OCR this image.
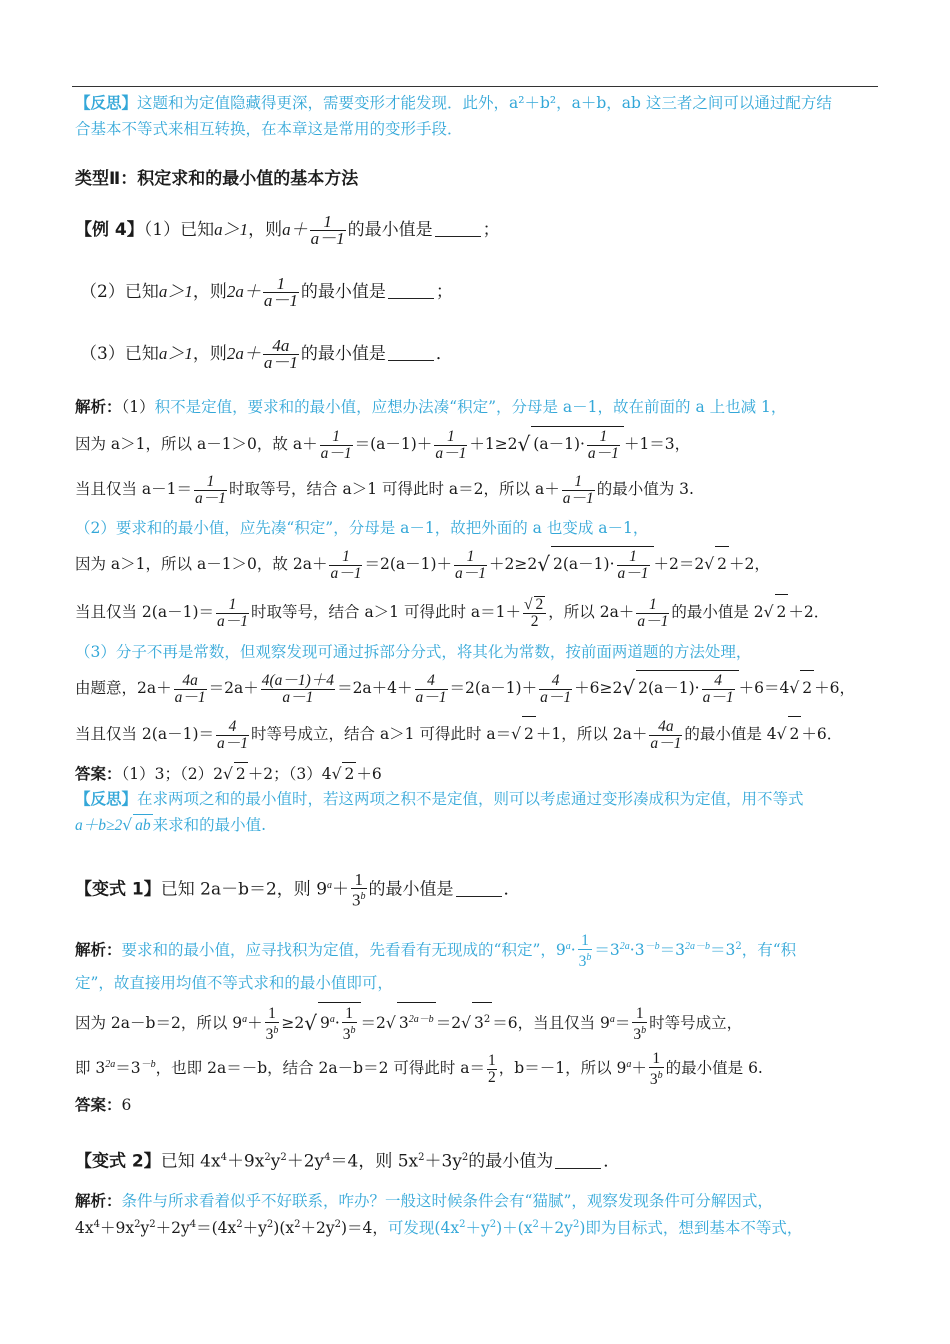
【反思】这题和为定值隐藏得更深，需要变形才能发现．此外，a²＋b²，a＋b，ab 这三者之间可以通过配方结
合基本不等式来相互转换，在本章这是常用的变形手段．
类型Ⅱ：积定求和的最小值的基本方法
【例 4】（1）已知a＞1，则$a+ \frac{1}{a-1}$ 的最小值是	；
（2）已知a＞1，则$2a+ \frac{1}{a-1}$ 的最小值是	；
（3）已知a＞1，则$2a+ \frac{4a}{a-1}$ 的最小值是	．
解析：（1）积不是定值，要求和的最小值，应想办法凑“积定”，分母是 a－1，故在前面的 a 上也减 1，
因为 a＞1，所以 a－1＞0，故 $a+ \frac{1}{a-1} =(a-1)+ \frac{1}{a-1} +1\ge 2√$ $(a-1)\cdot \frac{1}{a-1} +1=3$，
当且仅当 $a-1= \frac{1}{a-1}$ 时取等号，结合 a＞1 可得此时 a＝2，所以 $a+ \frac{1}{a-1}$ 的最小值为 3.
（2）要求和的最小值，应先凑“积定”，分母是 a－1，故把外面的 a 也变成 a－1，
因为 a＞1，所以 a－1＞0，故 $2a+ \frac{1}{a-1} =2(a-1)+ \frac{1}{a-1} +2\ge 2√$ $2(a-1)\cdot \frac{1}{a-1} +2=2√$ 2 ＋2，
当且仅当 $2(a-1)= \frac{1}{a-1}$ 时取等号，结合 a＞1 可得此时 $a=1+ \frac{√ 2}{2}$ ，所以 $2a+ \frac{1}{a-1}$ 的最小值是 2√ 2 ＋2．
（3）分子不再是常数，但观察发现可通过拆部分分式，将其化为常数，按前面两道题的方法处理，
由题意，$2a+ \frac{4a}{a-1} =2a+ \frac{4(a-1)+4}{a-1} =2a+4+ \frac{4}{a-1} =2(a-1)+ \frac{4}{a-1} +6\ge 2√$ $2(a-1)\cdot \frac{4}{a-1} +6=4√$ 2 ＋6，
当且仅当 $2(a-1)= \frac{4}{a-1}$ 时等号成立，结合 a＞1 可得此时 a＝√ 2 ＋1，所以 $2a+ \frac{4a}{a-1}$ 的最小值是 4√ 2 ＋6．
答案：（1）3；（2）2√ 2 ＋2；（3）4√ 2 ＋6
【反思】在求两项之和的最小值时，若这两项之积不是定值，则可以考虑通过变形凑成积为定值，用不等式
a＋b≥2√ ab 来求和的最小值.
【变式 1】已知 2a－b＝2，则 $9^a+ \frac{1}{3^b}$ 的最小值是	．
解析：要求和的最小值，应寻找积为定值，先看看有无现成的“积定”，$9^a\cdot \frac{1}{3^b} =3^{2a}\cdot 3^{-b}=3^{2a-b}=3^2$，有“积
定”，故直接用均值不等式求和的最小值即可，
因为 2a－b＝2，所以 $9^a+ \frac{1}{3^b} \ge 2√$ $9^a\cdot \frac{1}{3^b} =2√$ $3^{2a-b} =2√$ $3^2 =6$，当且仅当 $9^a= \frac{1}{3^b}$ 时等号成立，
即 $3^{2a}=3^{-b}$，也即 2a＝－b，结合 2a－b＝2 可得此时 $a= \frac{1}{2}$ ，b＝－1，所以 $9^a+ \frac{1}{3^b}$ 的最小值是 6.
答案：6
【变式 2】已知 $4x^4+9x^2y^2+2y^4=4$，则 $5x^2+3y^2$的最小值为	．
解析：条件与所求看着似乎不好联系，咋办？一般这时候条件会有“猫腻”，观察发现条件可分解因式，
$4x^4+9x^2y^2+2y^4=(4x^2+y^2)(x^2+2y^2)=4$，可发现$(4x^2+y^2)+(x^2+2y^2)$即为目标式，想到基本不等式，
